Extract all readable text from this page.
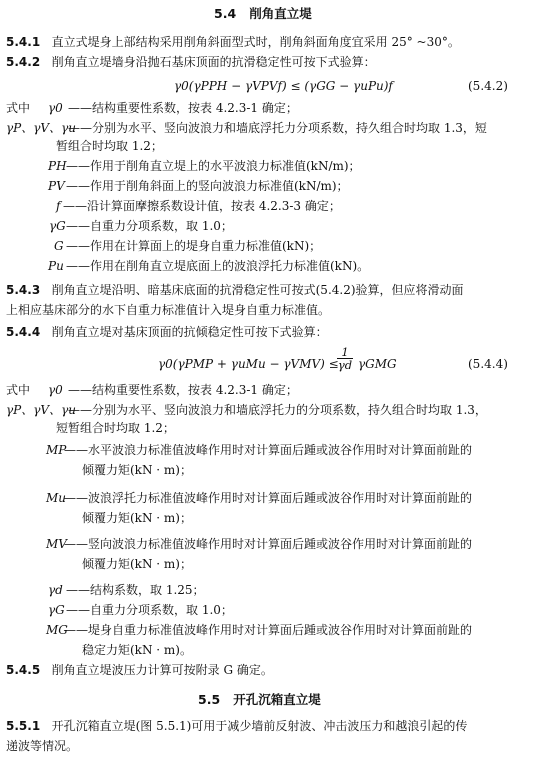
5.4 削角直立堤
5.4.1 直立式堤身上部结构采用削角斜面型式时，削角斜面角度宜采用 25° ~30°。
5.4.2 削角直立堤墙身沿抛石基床顶面的抗滑稳定性可按下式验算：
γ0(γPPH − γVPVf) ≤ (γGG − γuPu)f	(5.4.2)
式中 γ0 ——结构重要性系数，按表 4.2.3-1 确定；
γP、γV、γu
——分别为水平、竖向波浪力和墙底浮托力分项系数，持久组合时均取 1.3，短
暂组合时均取 1.2；
PH ——作用于削角直立堤上的水平波浪力标准值(kN/m)；
PV ——作用于削角斜面上的竖向波浪力标准值(kN/m)；
f ——沿计算面摩擦系数设计值，按表 4.2.3-3 确定；
γG ——自重力分项系数，取 1.0；
G ——作用在计算面上的堤身自重力标准值(kN)；
Pu ——作用在削角直立堤底面上的波浪浮托力标准值(kN)。
5.4.3 削角直立堤沿明、暗基床底面的抗滑稳定性可按式(5.4.2)验算，但应将滑动面
上相应基床部分的水下自重力标准值计入堤身自重力标准值。
5.4.4 削角直立堤对基床顶面的抗倾稳定性可按下式验算：
γ0(γPMP + γuMu − γVMV) ≤
1
γd γGMG	(5.4.4)
式中 γ0 ——结构重要性系数，按表 4.2.3-1 确定；
γP、γV、γu
——分别为水平、竖向波浪力和墙底浮托力的分项系数，持久组合时均取 1.3，
短暂组合时均取 1.2；
MP
——水平波浪力标准值波峰作用时对计算面后踵或波谷作用时对计算面前趾的
倾覆力矩(kN · m)；
Mu
——波浪浮托力标准值波峰作用时对计算面后踵或波谷作用时对计算面前趾的
倾覆力矩(kN · m)；
MV
——竖向波浪力标准值波峰作用时对计算面后踵或波谷作用时对计算面前趾的
倾覆力矩(kN · m)；
γd ——结构系数，取 1.25；
γG ——自重力分项系数，取 1.0；
MG
——堤身自重力标准值波峰作用时对计算面后踵或波谷作用时对计算面前趾的
稳定力矩(kN · m)。
5.4.5 削角直立堤波压力计算可按附录 G 确定。
5.5 开孔沉箱直立堤
5.5.1 开孔沉箱直立堤(图 5.5.1)可用于减少墙前反射波、冲击波压力和越浪引起的传
递波等情况。
